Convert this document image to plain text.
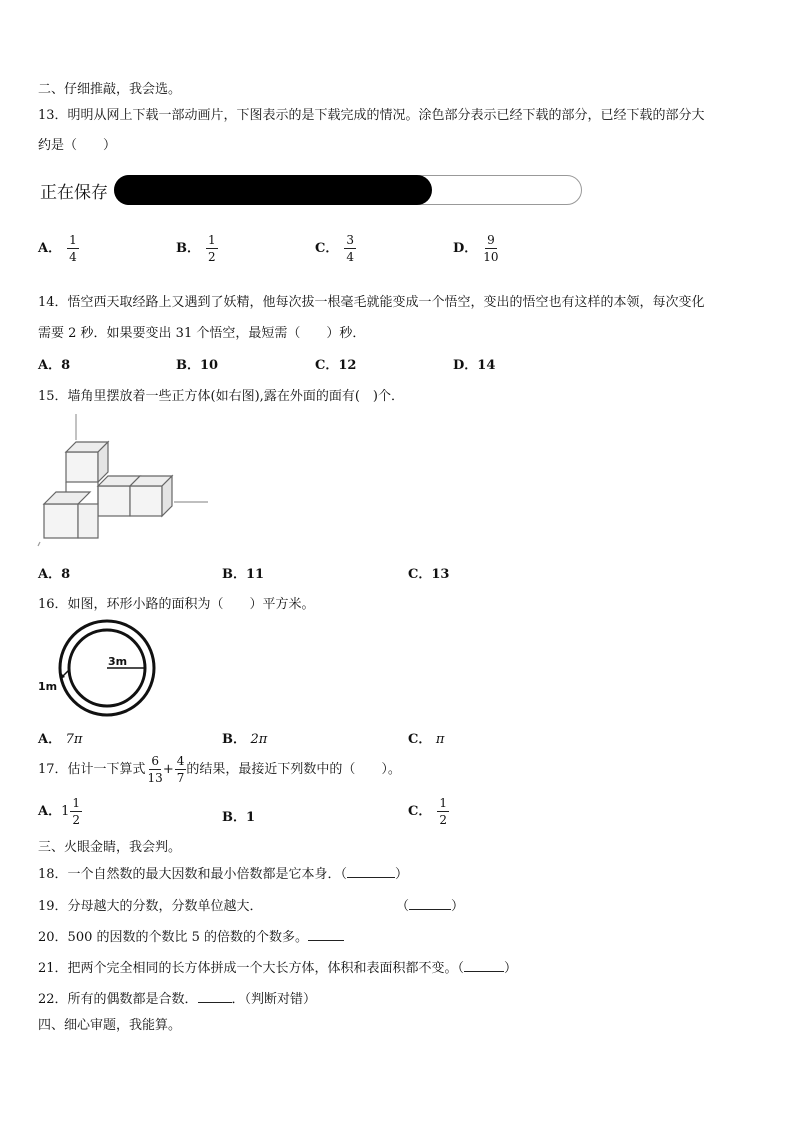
二、仔细推敲，我会选。
13．明明从网上下载一部动画片，下图表示的是下载完成的情况。涂色部分表示已经下载的部分，已经下载的部分大
约是（　　）
正在保存
A． $\frac{1}{4}$	B． $\frac{1}{2}$	C． $\frac{3}{4}$	D． $\frac{9}{10}$
14．悟空西天取经路上又遇到了妖精，他每次拔一根毫毛就能变成一个悟空，变出的悟空也有这样的本领，每次变化
需要 2 秒．如果要变出 31 个悟空，最短需（　　）秒．
A．8	B．10	C．12	D．14
15．墙角里摆放着一些正方体(如右图),露在外面的面有(　)个．
A．8	B．11	C．13
16．如图，环形小路的面积为（　　）平方米。
3m
1m
A． 7π	B． 2π	C． π
17．估计一下算式 $\frac{6}{13} + \frac{4}{7}$ 的结果，最接近下列数中的（　　）。
A．$1 \frac{1}{2}$	B．1	C． $\frac{1}{2}$
三、火眼金睛，我会判。
18．一个自然数的最大因数和最小倍数都是它本身．（	）
19．分母越大的分数，分数单位越大．	（	）
20．500 的因数的个数比 5 的倍数的个数多。
21．把两个完全相同的长方体拼成一个大长方体，体积和表面积都不变。（	）
22．所有的偶数都是合数．	．（判断对错）
四、细心审题，我能算。
